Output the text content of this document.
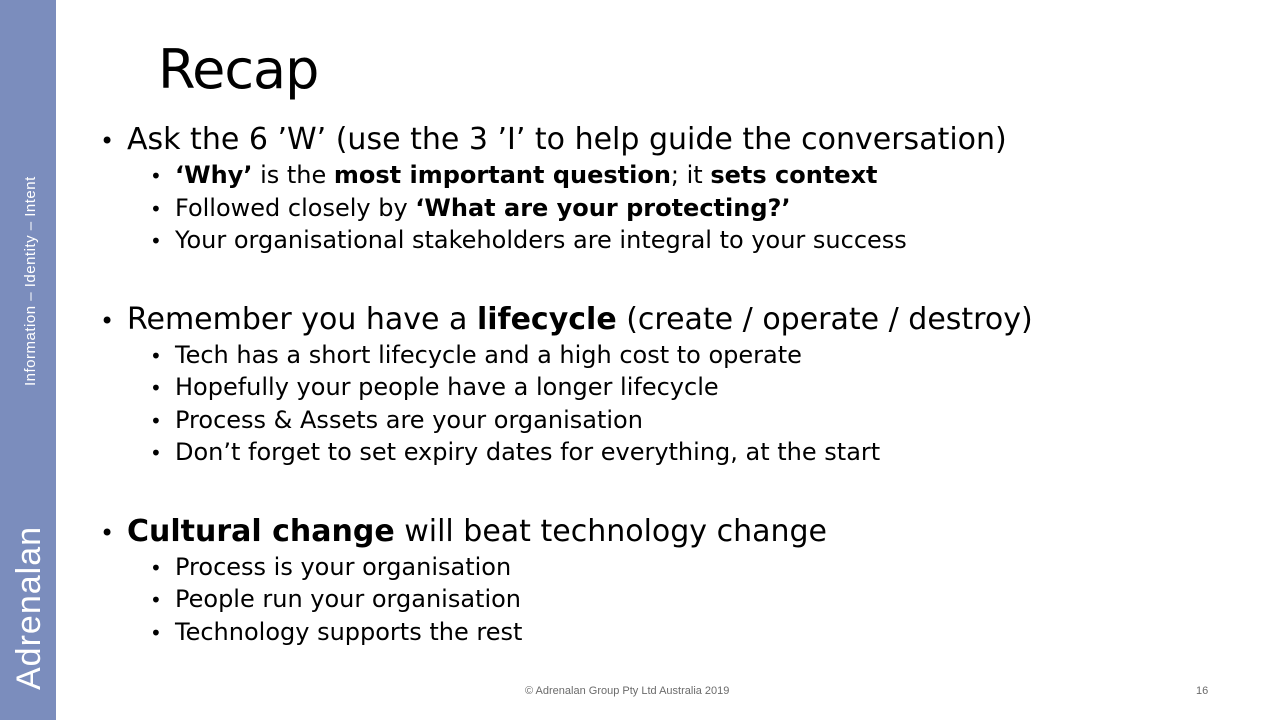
Adrenalan
Information – Identity – Intent
Recap
• Ask the 6 ’W’ (use the 3 ’I’ to help guide the conversation)
• ‘Why’ is the most important question; it sets context
• Followed closely by ‘What are your protecting?’
• Your organisational stakeholders are integral to your success
• Remember you have a lifecycle (create / operate / destroy)
• Tech has a short lifecycle and a high cost to operate
• Hopefully your people have a longer lifecycle
• Process & Assets are your organisation
• Don’t forget to set expiry dates for everything, at the start
• Cultural change will beat technology change
• Process is your organisation
• People run your organisation
• Technology supports the rest
© Adrenalan Group Pty Ltd Australia 2019	16
